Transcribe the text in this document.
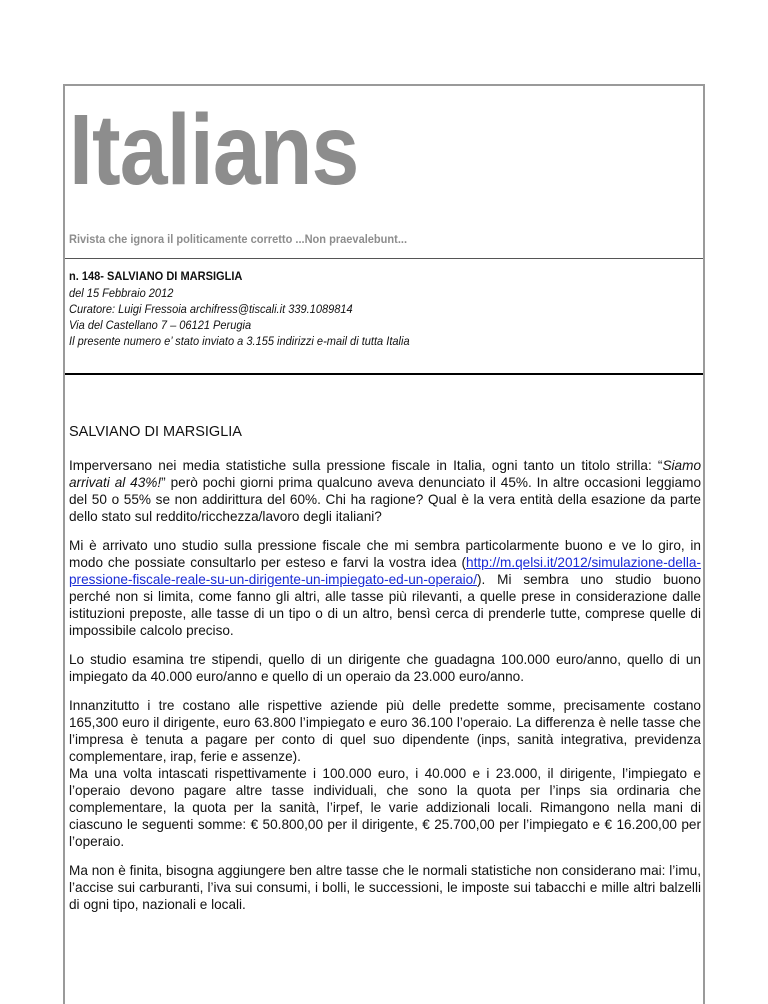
Italians
Rivista che ignora il politicamente corretto ...Non praevalebunt...
n. 148- SALVIANO DI MARSIGLIA
del 15 Febbraio 2012
Curatore: Luigi Fressoia archifress@tiscali.it 339.1089814
Via del Castellano 7 – 06121 Perugia
Il presente numero e’ stato inviato a 3.155 indirizzi e-mail di tutta Italia
SALVIANO DI MARSIGLIA

Imperversano nei media statistiche sulla pressione fiscale in Italia, ogni tanto un titolo strilla: “Siamo arrivati al 43%!” però pochi giorni prima qualcuno aveva denunciato il 45%. In altre occasioni leggiamo del 50 o 55% se non addirittura del 60%. Chi ha ragione? Qual è la vera entità della esazione da parte dello stato sul reddito/ricchezza/lavoro degli italiani?

Mi è arrivato uno studio sulla pressione fiscale che mi sembra particolarmente buono e ve lo giro, in modo che possiate consultarlo per esteso e farvi la vostra idea (http://m.qelsi.it/2012/simulazione-della-pressione-fiscale-reale-su-un-dirigente-un-impiegato-ed-un-operaio/). Mi sembra uno studio buono perché non si limita, come fanno gli altri, alle tasse più rilevanti, a quelle prese in considerazione dalle istituzioni preposte, alle tasse di un tipo o di un altro, bensì cerca di prenderle tutte, comprese quelle di impossibile calcolo preciso.

Lo studio esamina tre stipendi, quello di un dirigente che guadagna 100.000 euro/anno, quello di un impiegato da 40.000 euro/anno e quello di un operaio da 23.000 euro/anno.

Innanzitutto i tre costano alle rispettive aziende più delle predette somme, precisamente costano 165,300 euro il dirigente, euro 63.800 l’impiegato e euro 36.100 l’operaio. La differenza è nelle tasse che l’impresa è tenuta a pagare per conto di quel suo dipendente (inps, sanità integrativa, previdenza complementare, irap, ferie e assenze).

Ma una volta intascati rispettivamente i 100.000 euro, i 40.000 e i 23.000, il dirigente, l’impiegato e l’operaio devono pagare altre tasse individuali, che sono la quota per l’inps sia ordinaria che complementare, la quota per la sanità, l’irpef, le varie addizionali locali. Rimangono nella mani di ciascuno le seguenti somme: € 50.800,00 per il dirigente, € 25.700,00 per l’impiegato e € 16.200,00 per l’operaio.

Ma non è finita, bisogna aggiungere ben altre tasse che le normali statistiche non considerano mai: l’imu, l’accise sui carburanti, l’iva sui consumi, i bolli, le successioni, le imposte sui tabacchi e mille altri balzelli di ogni tipo, nazionali e locali.
